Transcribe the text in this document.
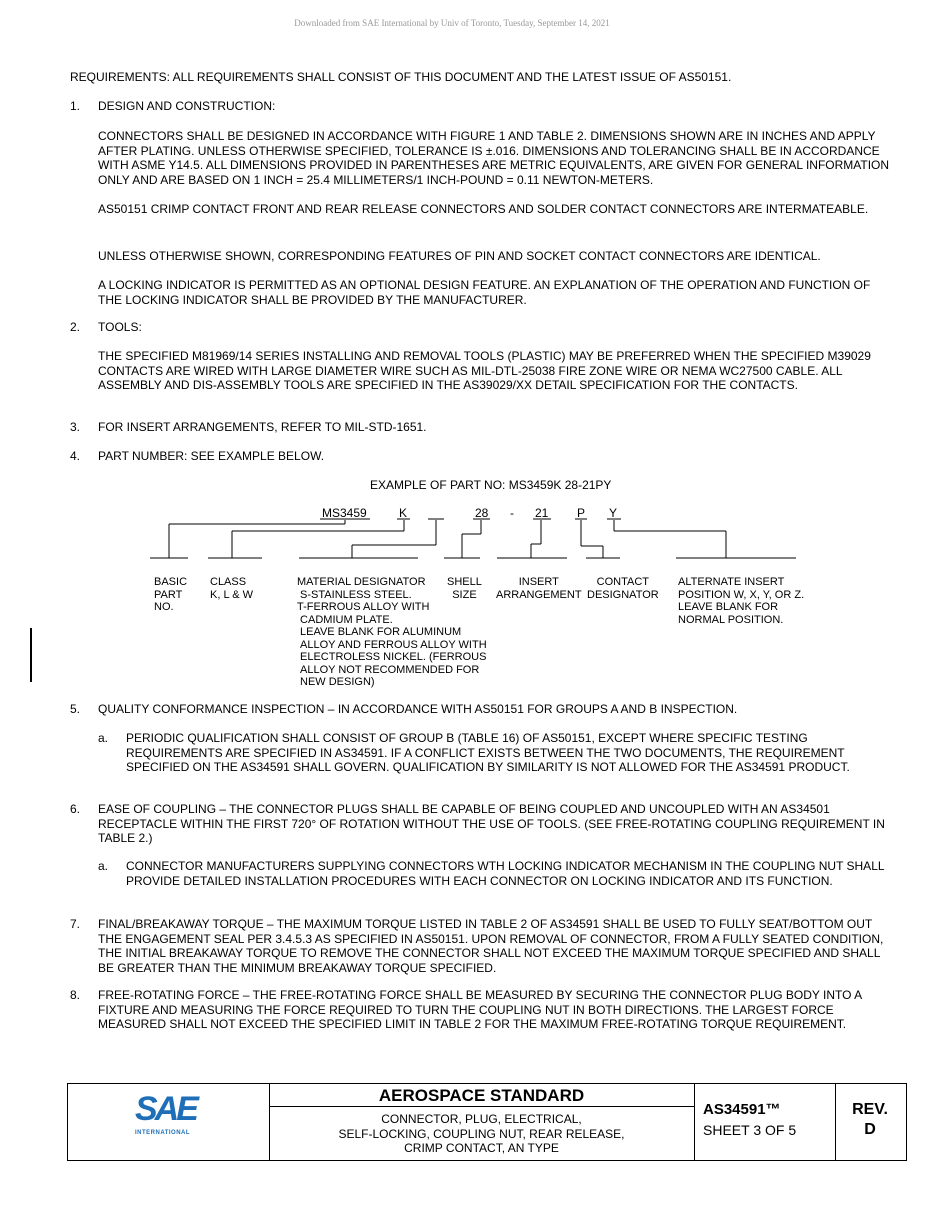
Downloaded from SAE International by Univ of Toronto, Tuesday, September 14, 2021

REQUIREMENTS: ALL REQUIREMENTS SHALL CONSIST OF THIS DOCUMENT AND THE LATEST ISSUE OF AS50151.

1. DESIGN AND CONSTRUCTION:

CONNECTORS SHALL BE DESIGNED IN ACCORDANCE WITH FIGURE 1 AND TABLE 2. DIMENSIONS SHOWN ARE IN INCHES AND APPLY AFTER PLATING. UNLESS OTHERWISE SPECIFIED, TOLERANCE IS ±.016. DIMENSIONS AND TOLERANCING SHALL BE IN ACCORDANCE WITH ASME Y14.5. ALL DIMENSIONS PROVIDED IN PARENTHESES ARE METRIC EQUIVALENTS, ARE GIVEN FOR GENERAL INFORMATION ONLY AND ARE BASED ON 1 INCH = 25.4 MILLIMETERS/1 INCH-POUND = 0.11 NEWTON-METERS.

AS50151 CRIMP CONTACT FRONT AND REAR RELEASE CONNECTORS AND SOLDER CONTACT CONNECTORS ARE INTERMATEABLE.

UNLESS OTHERWISE SHOWN, CORRESPONDING FEATURES OF PIN AND SOCKET CONTACT CONNECTORS ARE IDENTICAL.

A LOCKING INDICATOR IS PERMITTED AS AN OPTIONAL DESIGN FEATURE. AN EXPLANATION OF THE OPERATION AND FUNCTION OF THE LOCKING INDICATOR SHALL BE PROVIDED BY THE MANUFACTURER.

2. TOOLS:

THE SPECIFIED M81969/14 SERIES INSTALLING AND REMOVAL TOOLS (PLASTIC) MAY BE PREFERRED WHEN THE SPECIFIED M39029 CONTACTS ARE WIRED WITH LARGE DIAMETER WIRE SUCH AS MIL-DTL-25038 FIRE ZONE WIRE OR NEMA WC27500 CABLE. ALL ASSEMBLY AND DIS-ASSEMBLY TOOLS ARE SPECIFIED IN THE AS39029/XX DETAIL SPECIFICATION FOR THE CONTACTS.

3. FOR INSERT ARRANGEMENTS, REFER TO MIL-STD-1651.

4. PART NUMBER: SEE EXAMPLE BELOW.

EXAMPLE OF PART NO: MS3459K 28-21PY
MS3459	K	28 - 21 P Y
BASIC
PART
NO.
CLASS
K, L & W
MATERIAL DESIGNATOR
S-STAINLESS STEEL.
T-FERROUS ALLOY WITH
CADMIUM PLATE.
LEAVE BLANK FOR ALUMINUM
ALLOY AND FERROUS ALLOY WITH
ELECTROLESS NICKEL. (FERROUS
ALLOY NOT RECOMMENDED FOR
NEW DESIGN)
SHELL
SIZE
INSERT
ARRANGEMENT
CONTACT
DESIGNATOR
ALTERNATE INSERT
POSITION W, X, Y, OR Z.
LEAVE BLANK FOR
NORMAL POSITION.
5. QUALITY CONFORMANCE INSPECTION – IN ACCORDANCE WITH AS50151 FOR GROUPS A AND B INSPECTION.

a. PERIODIC QUALIFICATION SHALL CONSIST OF GROUP B (TABLE 16) OF AS50151, EXCEPT WHERE SPECIFIC TESTING REQUIREMENTS ARE SPECIFIED IN AS34591. IF A CONFLICT EXISTS BETWEEN THE TWO DOCUMENTS, THE REQUIREMENT SPECIFIED ON THE AS34591 SHALL GOVERN. QUALIFICATION BY SIMILARITY IS NOT ALLOWED FOR THE AS34591 PRODUCT.

6. EASE OF COUPLING – THE CONNECTOR PLUGS SHALL BE CAPABLE OF BEING COUPLED AND UNCOUPLED WITH AN AS34501 RECEPTACLE WITHIN THE FIRST 720° OF ROTATION WITHOUT THE USE OF TOOLS. (SEE FREE-ROTATING COUPLING REQUIREMENT IN TABLE 2.)

a. CONNECTOR MANUFACTURERS SUPPLYING CONNECTORS WTH LOCKING INDICATOR MECHANISM IN THE COUPLING NUT SHALL PROVIDE DETAILED INSTALLATION PROCEDURES WITH EACH CONNECTOR ON LOCKING INDICATOR AND ITS FUNCTION.

7. FINAL/BREAKAWAY TORQUE – THE MAXIMUM TORQUE LISTED IN TABLE 2 OF AS34591 SHALL BE USED TO FULLY SEAT/BOTTOM OUT THE ENGAGEMENT SEAL PER 3.4.5.3 AS SPECIFIED IN AS50151. UPON REMOVAL OF CONNECTOR, FROM A FULLY SEATED CONDITION, THE INITIAL BREAKAWAY TORQUE TO REMOVE THE CONNECTOR SHALL NOT EXCEED THE MAXIMUM TORQUE SPECIFIED AND SHALL BE GREATER THAN THE MINIMUM BREAKAWAY TORQUE SPECIFIED.

8. FREE-ROTATING FORCE – THE FREE-ROTATING FORCE SHALL BE MEASURED BY SECURING THE CONNECTOR PLUG BODY INTO A FIXTURE AND MEASURING THE FORCE REQUIRED TO TURN THE COUPLING NUT IN BOTH DIRECTIONS. THE LARGEST FORCE MEASURED SHALL NOT EXCEED THE SPECIFIED LIMIT IN TABLE 2 FOR THE MAXIMUM FREE-ROTATING TORQUE REQUIREMENT.

AEROSPACE STANDARD
CONNECTOR, PLUG, ELECTRICAL,
SELF-LOCKING, COUPLING NUT, REAR RELEASE,
CRIMP CONTACT, AN TYPE
AS34591™
SHEET 3 OF 5
REV.
D
SAE
INTERNATIONAL
